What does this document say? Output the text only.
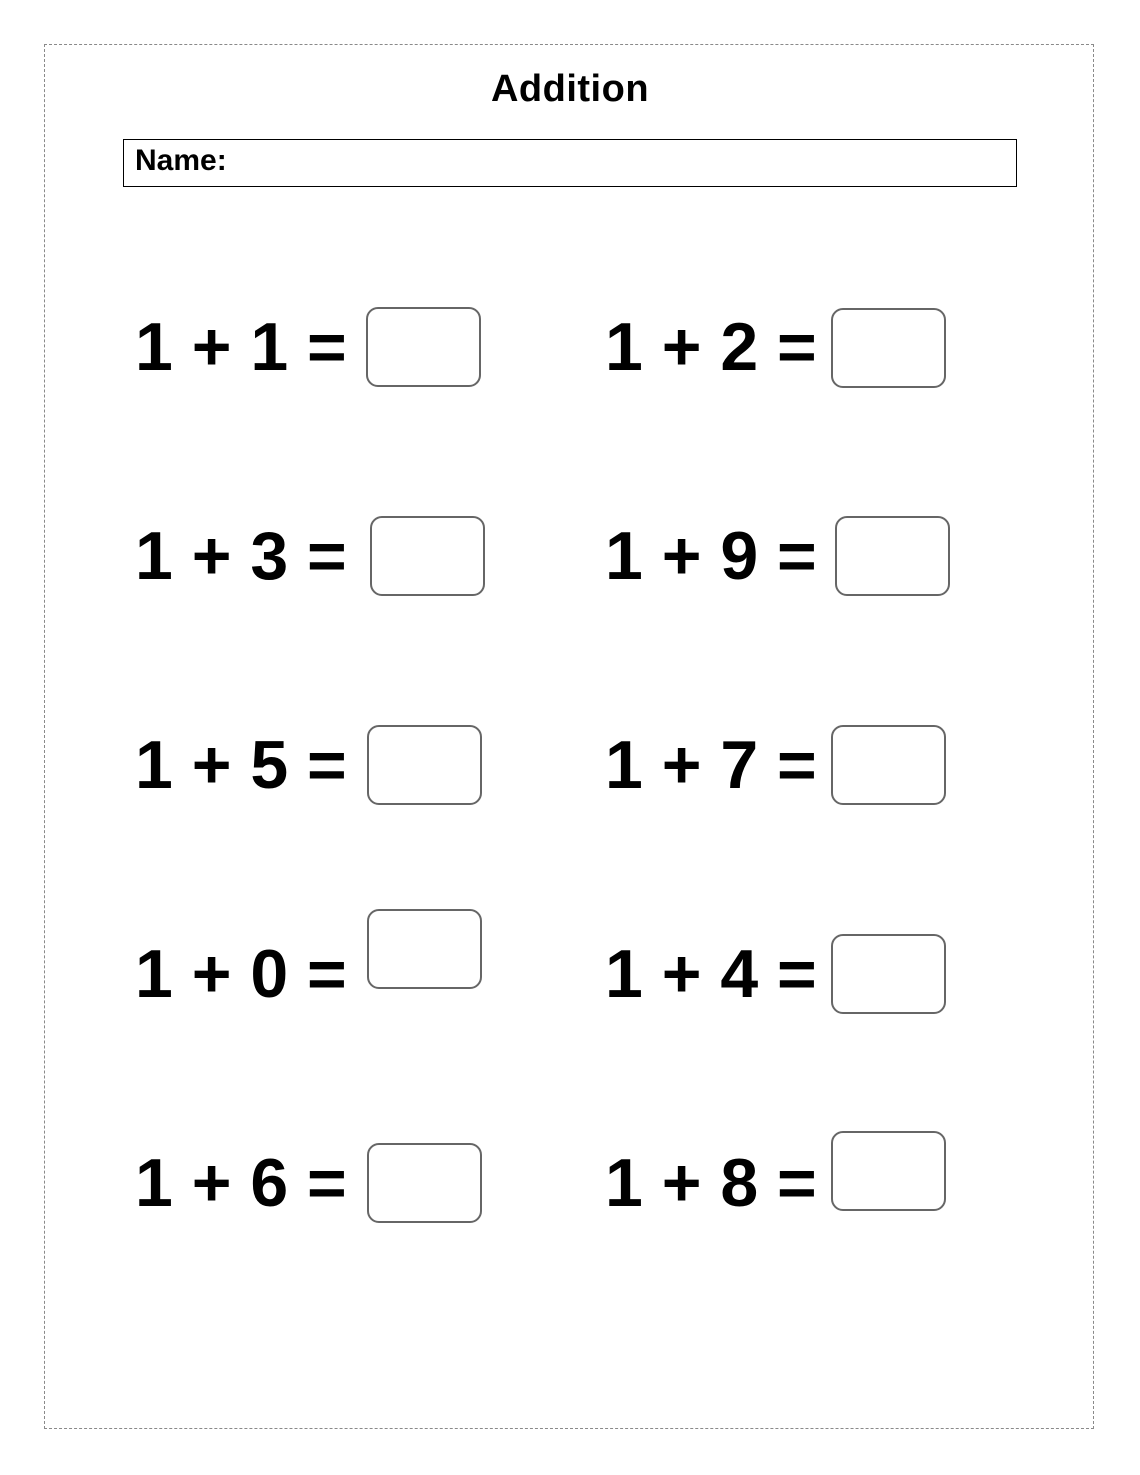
Addition
Name:
1 + 1 =	1 + 2 =
1 + 3 =	1 + 9 =
1 + 5 =	1 + 7 =
1 + 0 =	1 + 4 =
1 + 6 =	1 + 8 =
